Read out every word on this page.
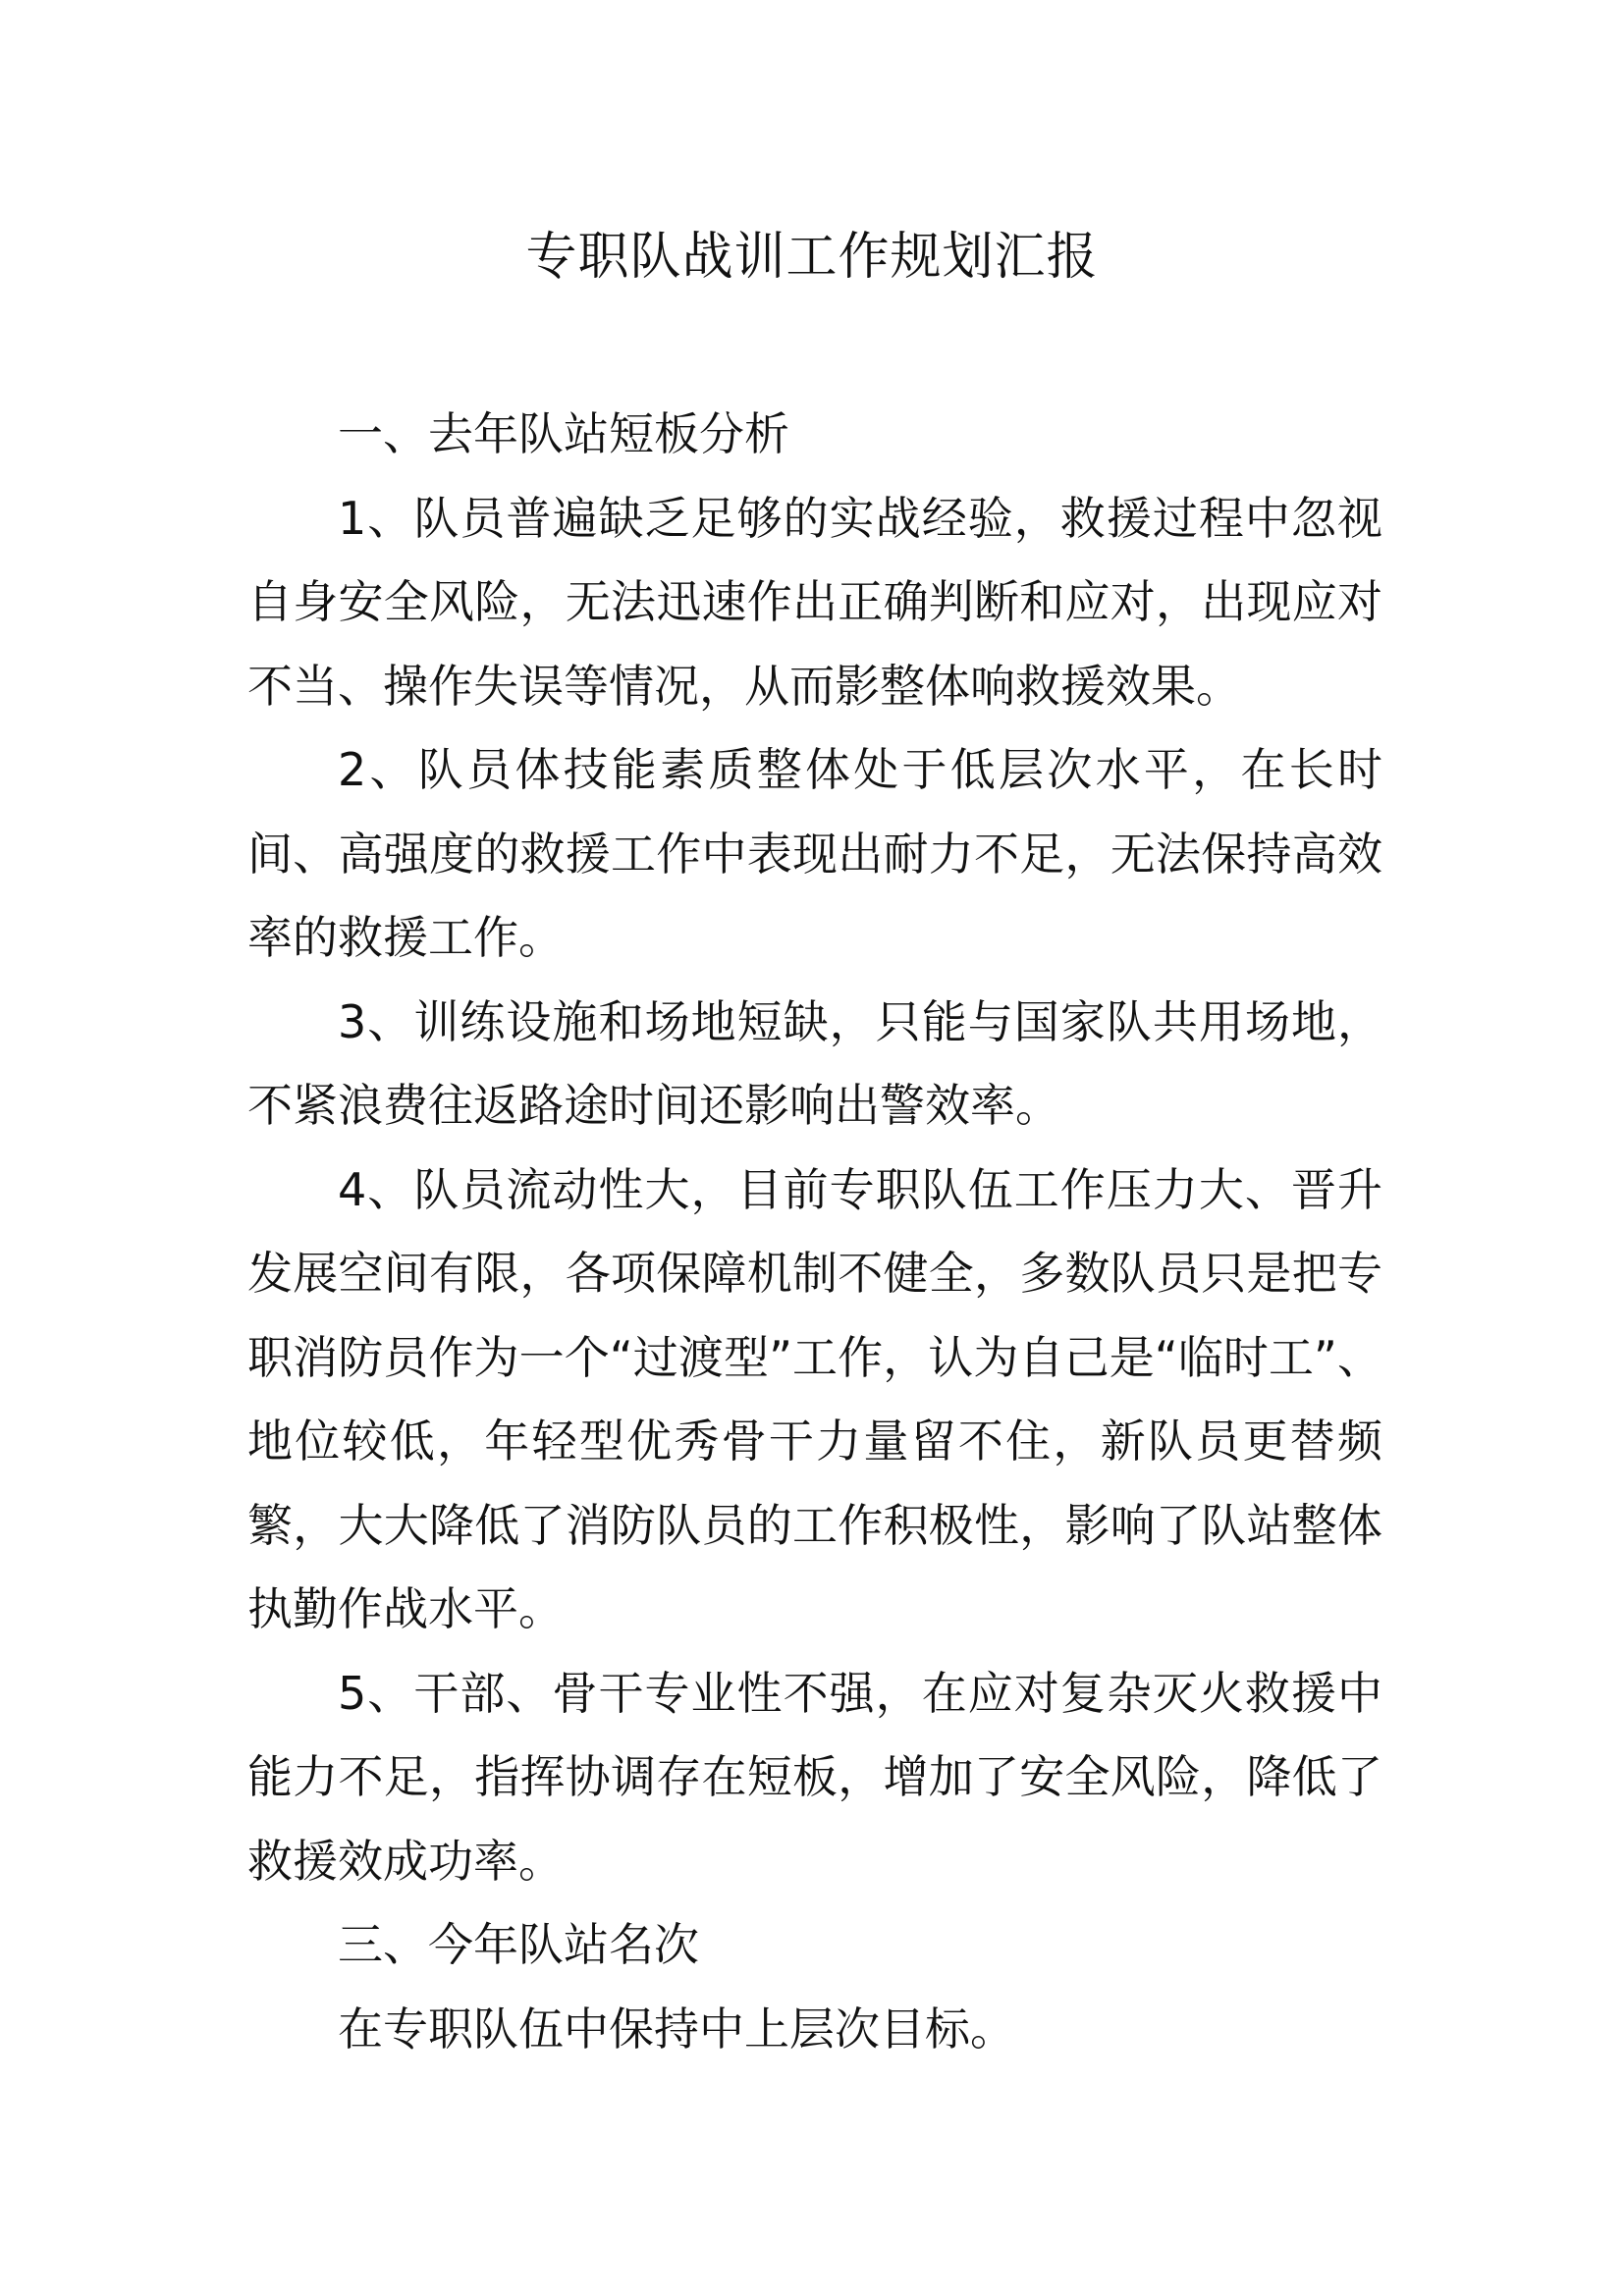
专职队战训工作规划汇报

一、去年队站短板分析

1、队员普遍缺乏足够的实战经验，救援过程中忽视自身安全风险，无法迅速作出正确判断和应对，出现应对不当、操作失误等情况，从而影整体响救援效果。

2、队员体技能素质整体处于低层次水平，在长时间、高强度的救援工作中表现出耐力不足，无法保持高效率的救援工作。

3、训练设施和场地短缺，只能与国家队共用场地，不紧浪费往返路途时间还影响出警效率。

4、队员流动性大，目前专职队伍工作压力大、晋升发展空间有限，各项保障机制不健全，多数队员只是把专职消防员作为一个“过渡型”工作，认为自己是“临时工”、地位较低，年轻型优秀骨干力量留不住，新队员更替频繁，大大降低了消防队员的工作积极性，影响了队站整体执勤作战水平。

5、干部、骨干专业性不强，在应对复杂灭火救援中能力不足，指挥协调存在短板，增加了安全风险，降低了救援效成功率。

三、今年队站名次

在专职队伍中保持中上层次目标。
